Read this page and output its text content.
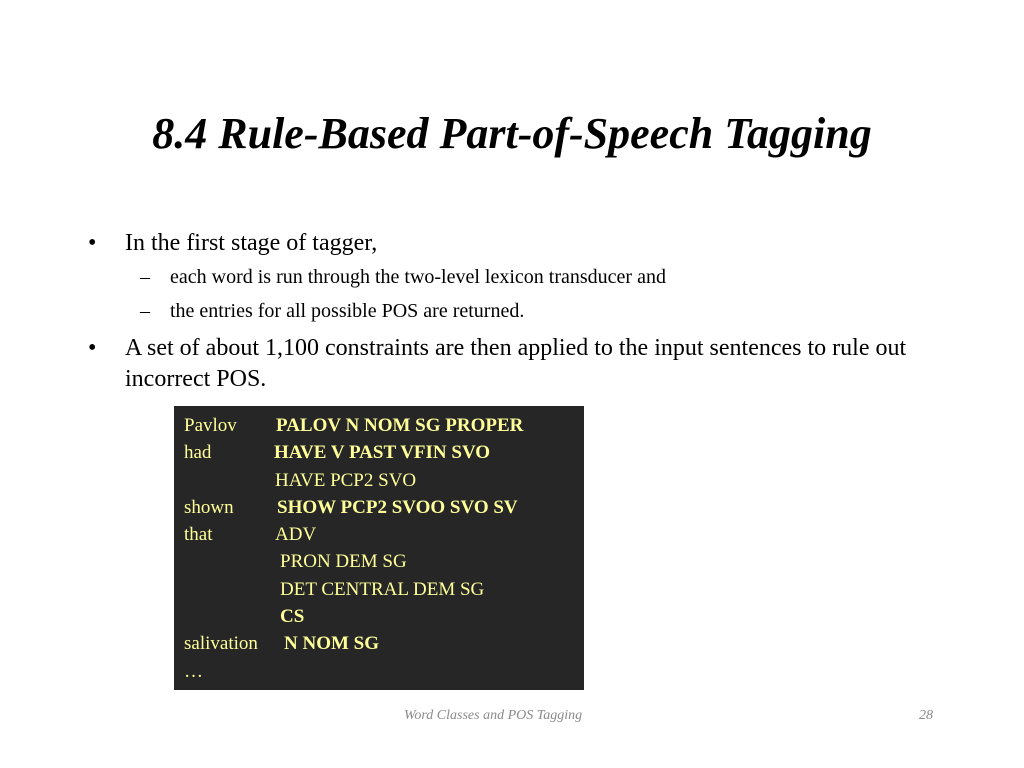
8.4 Rule-Based Part-of-Speech Tagging
• In the first stage of tagger,
– each word is run through the two-level lexicon transducer and
– the entries for all possible POS are returned.
• A set of about 1,100 constraints are then applied to the input sentences to rule out incorrect POS.
Pavlov PALOV N NOM SG PROPER
had	HAVE V PAST VFIN SVO
HAVE PCP2 SVO
shown SHOW PCP2 SVOO SVO SV
that	ADV
PRON DEM SG
DET CENTRAL DEM SG
CS
salivation N NOM SG
…
Word Classes and POS Tagging	28
